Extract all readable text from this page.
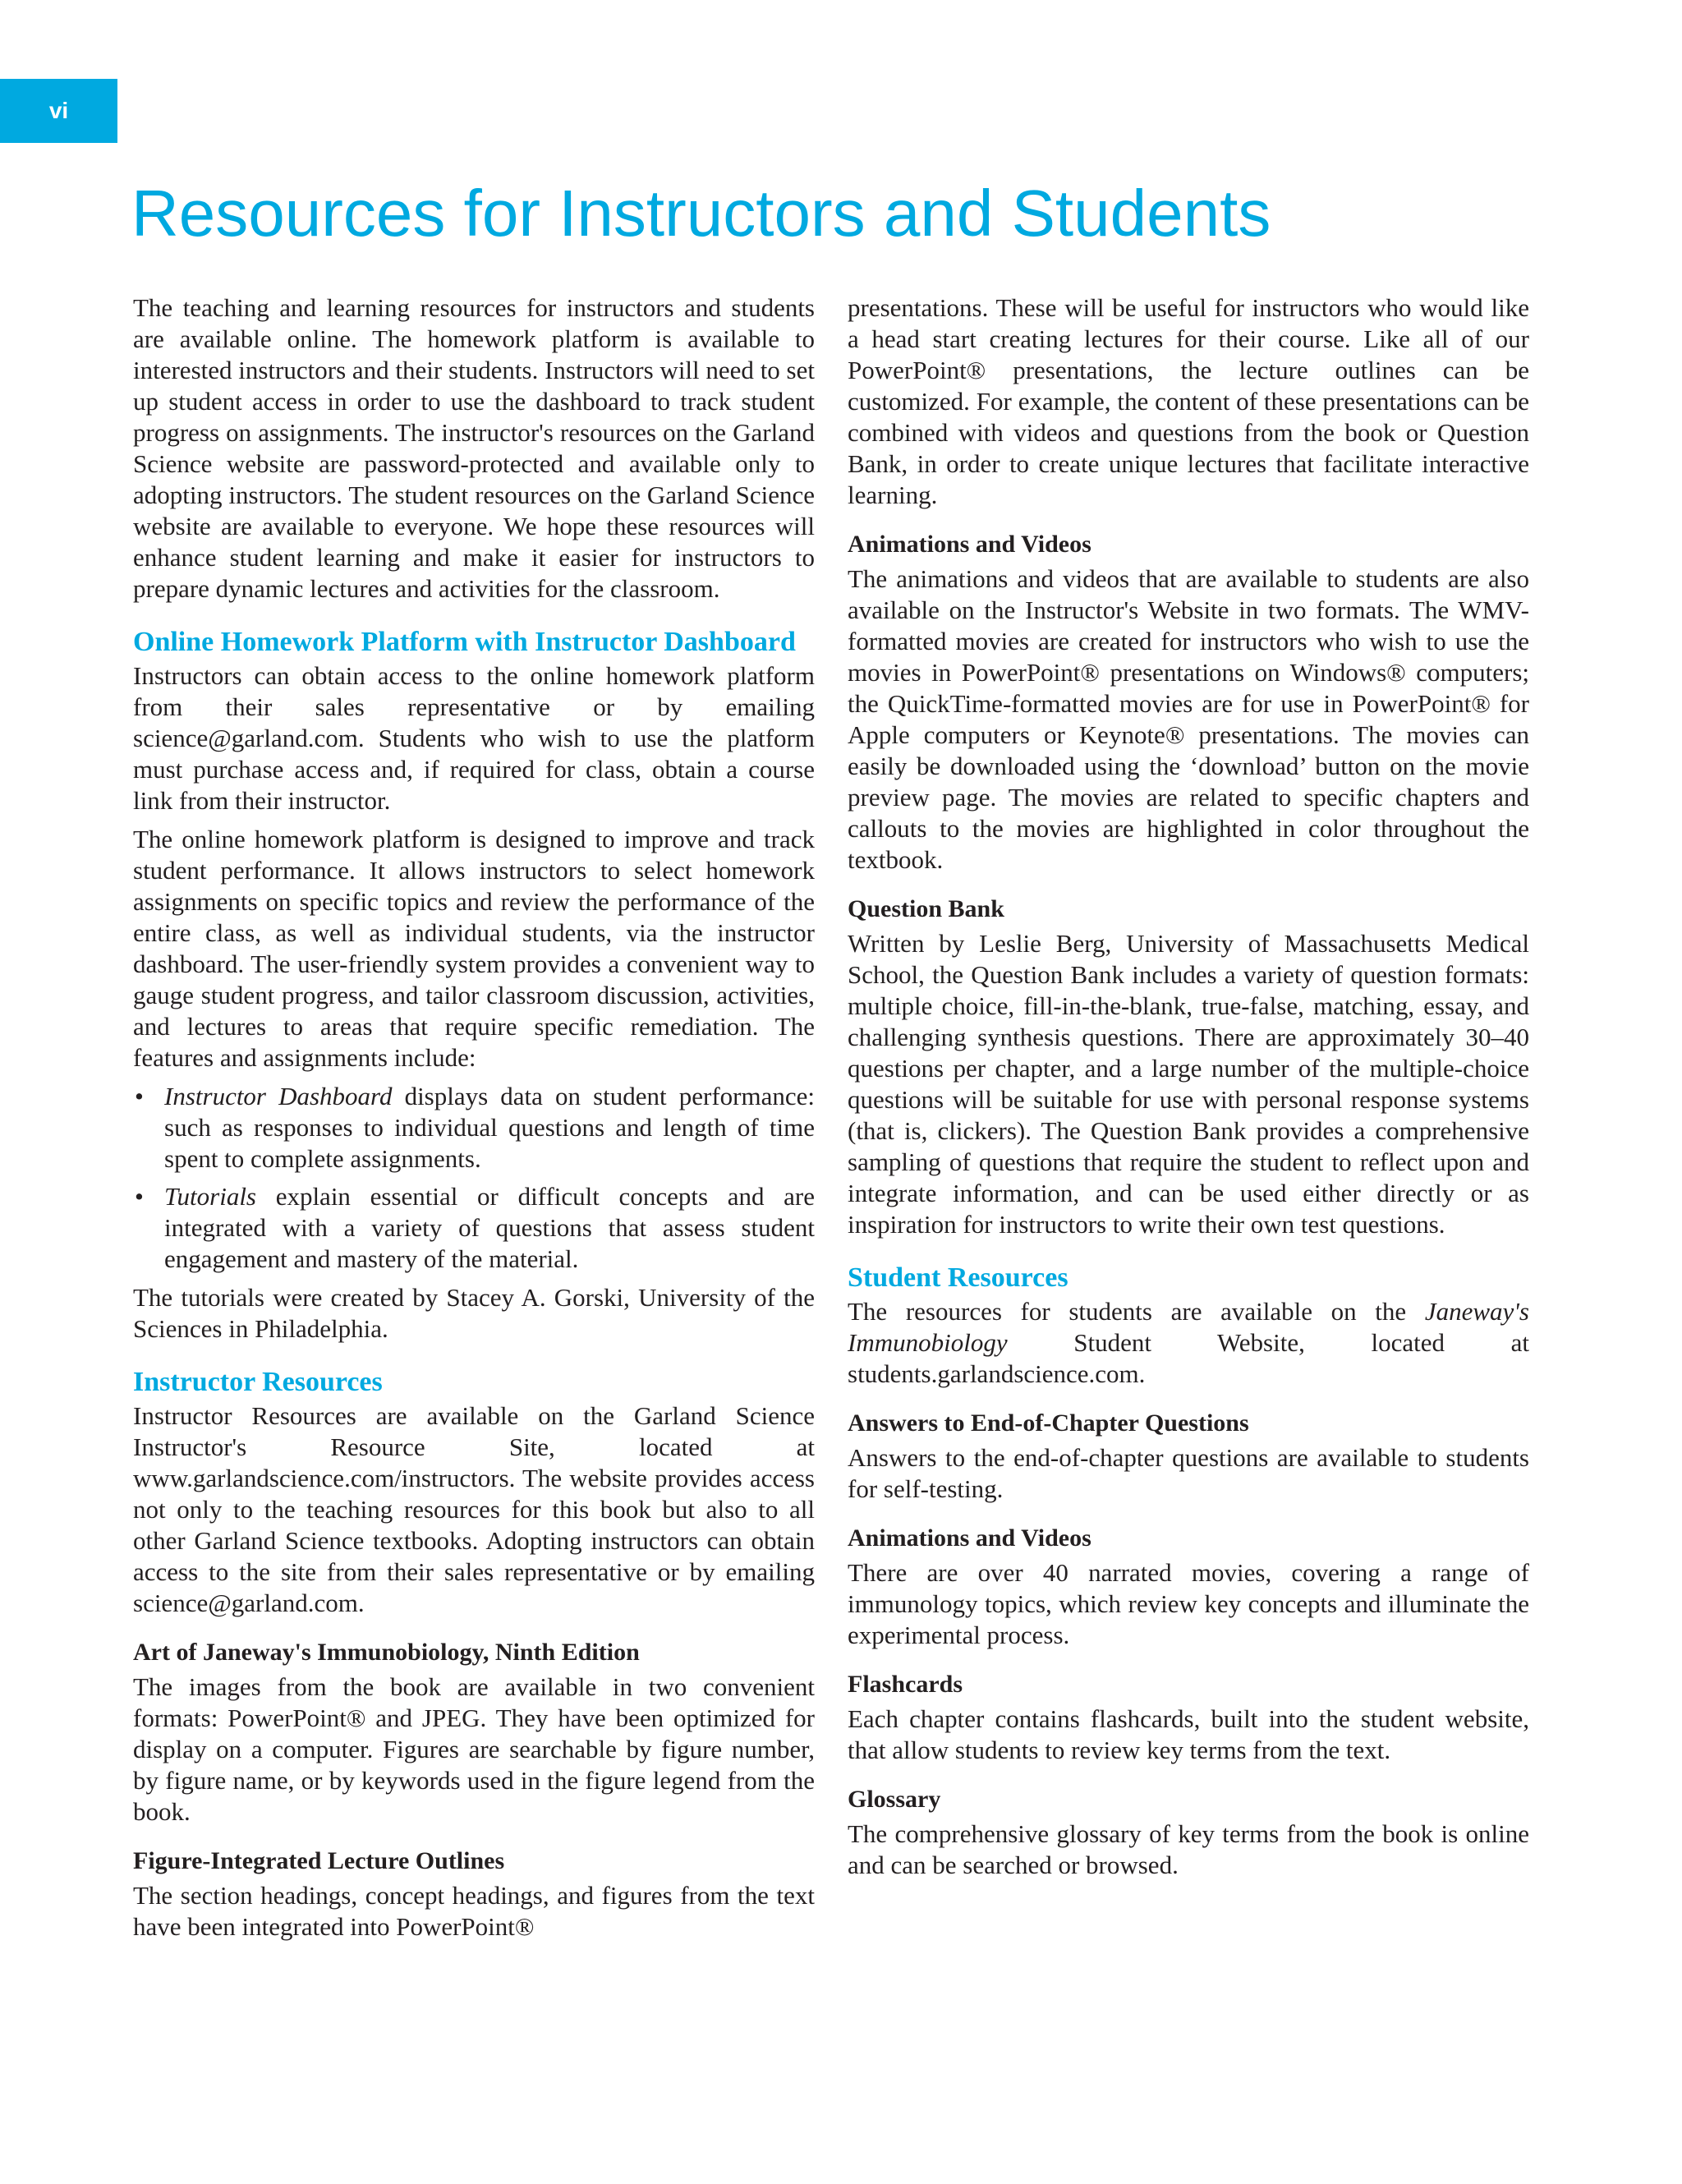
vi
Resources for Instructors and Students

The teaching and learning resources for instructors and students are available online. The homework platform is available to interested instructors and their students. Instructors will need to set up student access in order to use the dashboard to track student progress on assignments. The instructor's resources on the Garland Science website are password-protected and available only to adopting instructors. The student resources on the Garland Science website are available to everyone. We hope these resources will enhance student learning and make it easier for instructors to prepare dynamic lectures and activities for the classroom.

Online Homework Platform with Instructor Dashboard

Instructors can obtain access to the online homework platform from their sales representative or by emailing science@garland.com. Students who wish to use the platform must purchase access and, if required for class, obtain a course link from their instructor.

The online homework platform is designed to improve and track student performance. It allows instructors to select homework assignments on specific topics and review the performance of the entire class, as well as individual students, via the instructor dashboard. The user-friendly system provides a convenient way to gauge student progress, and tailor classroom discussion, activities, and lectures to areas that require specific remediation. The features and assignments include:

• Instructor Dashboard displays data on student performance: such as responses to individual questions and length of time spent to complete assignments.
• Tutorials explain essential or difficult concepts and are integrated with a variety of questions that assess student engagement and mastery of the material.

The tutorials were created by Stacey A. Gorski, University of the Sciences in Philadelphia.

Instructor Resources

Instructor Resources are available on the Garland Science Instructor's Resource Site, located at www.garlandscience.com/instructors. The website provides access not only to the teaching resources for this book but also to all other Garland Science textbooks. Adopting instructors can obtain access to the site from their sales representative or by emailing science@garland.com.

Art of Janeway's Immunobiology, Ninth Edition

The images from the book are available in two convenient formats: PowerPoint® and JPEG. They have been optimized for display on a computer. Figures are searchable by figure number, by figure name, or by keywords used in the figure legend from the book.

Figure-Integrated Lecture Outlines

The section headings, concept headings, and figures from the text have been integrated into PowerPoint®

presentations. These will be useful for instructors who would like a head start creating lectures for their course. Like all of our PowerPoint® presentations, the lecture outlines can be customized. For example, the content of these presentations can be combined with videos and questions from the book or Question Bank, in order to create unique lectures that facilitate interactive learning.

Animations and Videos

The animations and videos that are available to students are also available on the Instructor's Website in two formats. The WMV-formatted movies are created for instructors who wish to use the movies in PowerPoint® presentations on Windows® computers; the QuickTime-formatted movies are for use in PowerPoint® for Apple computers or Keynote® presentations. The movies can easily be downloaded using the ‘download’ button on the movie preview page. The movies are related to specific chapters and callouts to the movies are highlighted in color throughout the textbook.

Question Bank

Written by Leslie Berg, University of Massachusetts Medical School, the Question Bank includes a variety of question formats: multiple choice, fill-in-the-blank, true-false, matching, essay, and challenging synthesis questions. There are approximately 30–40 questions per chapter, and a large number of the multiple-choice questions will be suitable for use with personal response systems (that is, clickers). The Question Bank provides a comprehensive sampling of questions that require the student to reflect upon and integrate information, and can be used either directly or as inspiration for instructors to write their own test questions.

Student Resources

The resources for students are available on the Janeway's Immunobiology Student Website, located at students.garlandscience.com.

Answers to End-of-Chapter Questions

Answers to the end-of-chapter questions are available to students for self-testing.

Animations and Videos

There are over 40 narrated movies, covering a range of immunology topics, which review key concepts and illuminate the experimental process.

Flashcards

Each chapter contains flashcards, built into the student website, that allow students to review key terms from the text.

Glossary

The comprehensive glossary of key terms from the book is online and can be searched or browsed.
